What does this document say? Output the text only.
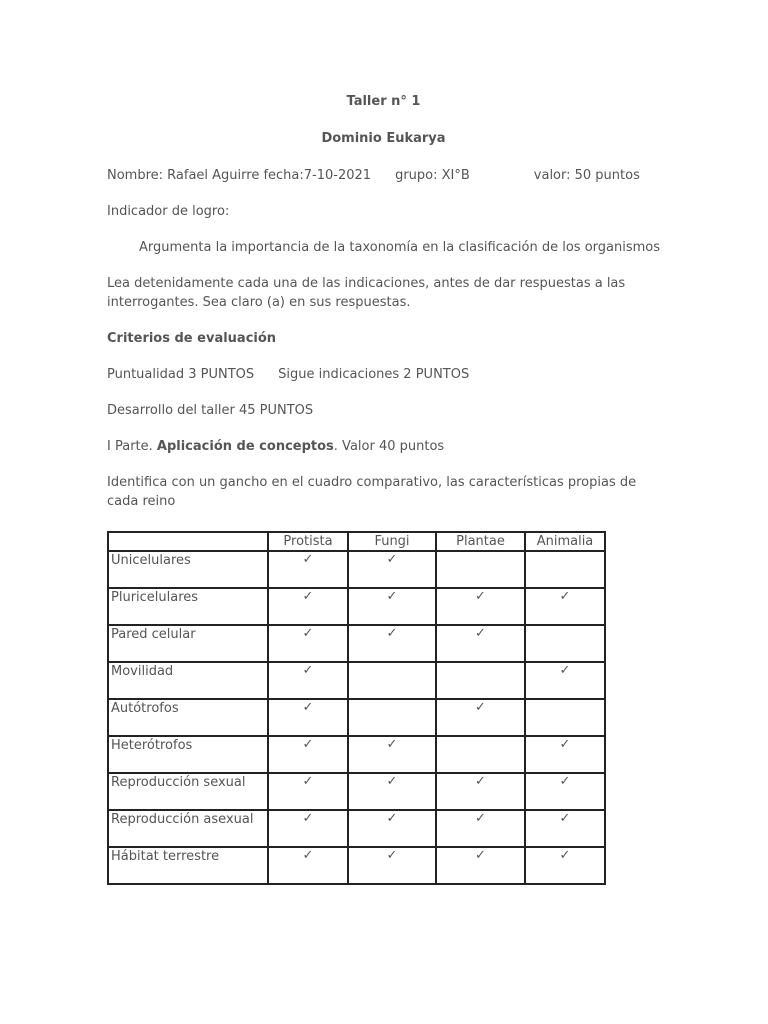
Taller n° 1
Dominio Eukarya
Nombre: Rafael Aguirre fecha:7-10-2021 grupo: XI°B	valor: 50 puntos
Indicador de logro:
Argumenta la importancia de la taxonomía en la clasificación de los organismos
Lea detenidamente cada una de las indicaciones, antes de dar respuestas a las interrogantes. Sea claro (a) en sus respuestas.
Criterios de evaluación
Puntualidad 3 PUNTOS Sigue indicaciones 2 PUNTOS
Desarrollo del taller 45 PUNTOS
I Parte. Aplicación de conceptos. Valor 40 puntos
Identifica con un gancho en el cuadro comparativo, las características propias de cada reino
	Protista	Fungi	Plantae	Animalia
Unicelulares	✓	✓		
Pluricelulares	✓	✓	✓	✓
Pared celular	✓	✓	✓	
Movilidad	✓			✓
Autótrofos	✓		✓	
Heterótrofos	✓	✓		✓
Reproducción sexual	✓	✓	✓	✓
Reproducción asexual	✓	✓	✓	✓
Hábitat terrestre	✓	✓	✓	✓
